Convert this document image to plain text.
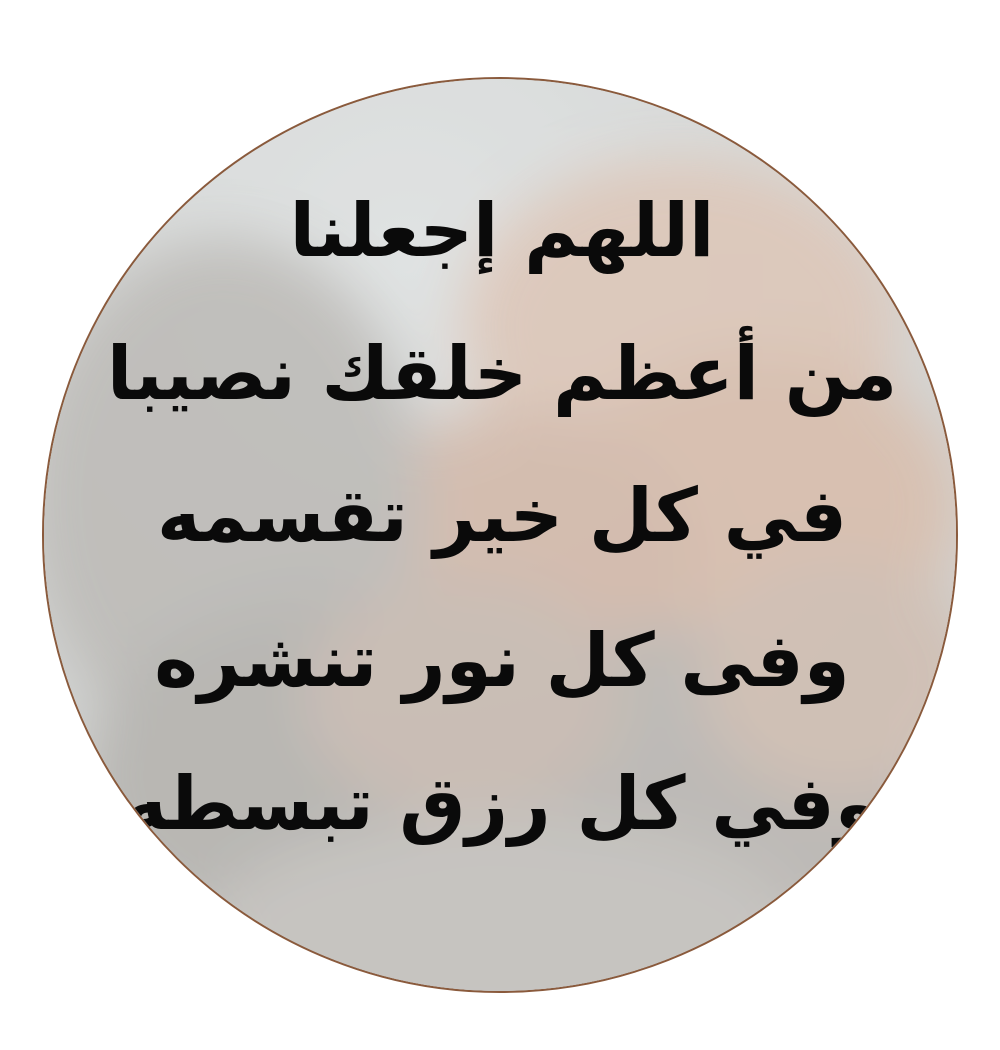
اللهم إجعلنا
من أعظم خلقك نصيبا
في كل خير تقسمه
وفى كل نور تنشره
وفي كل رزق تبسطه
